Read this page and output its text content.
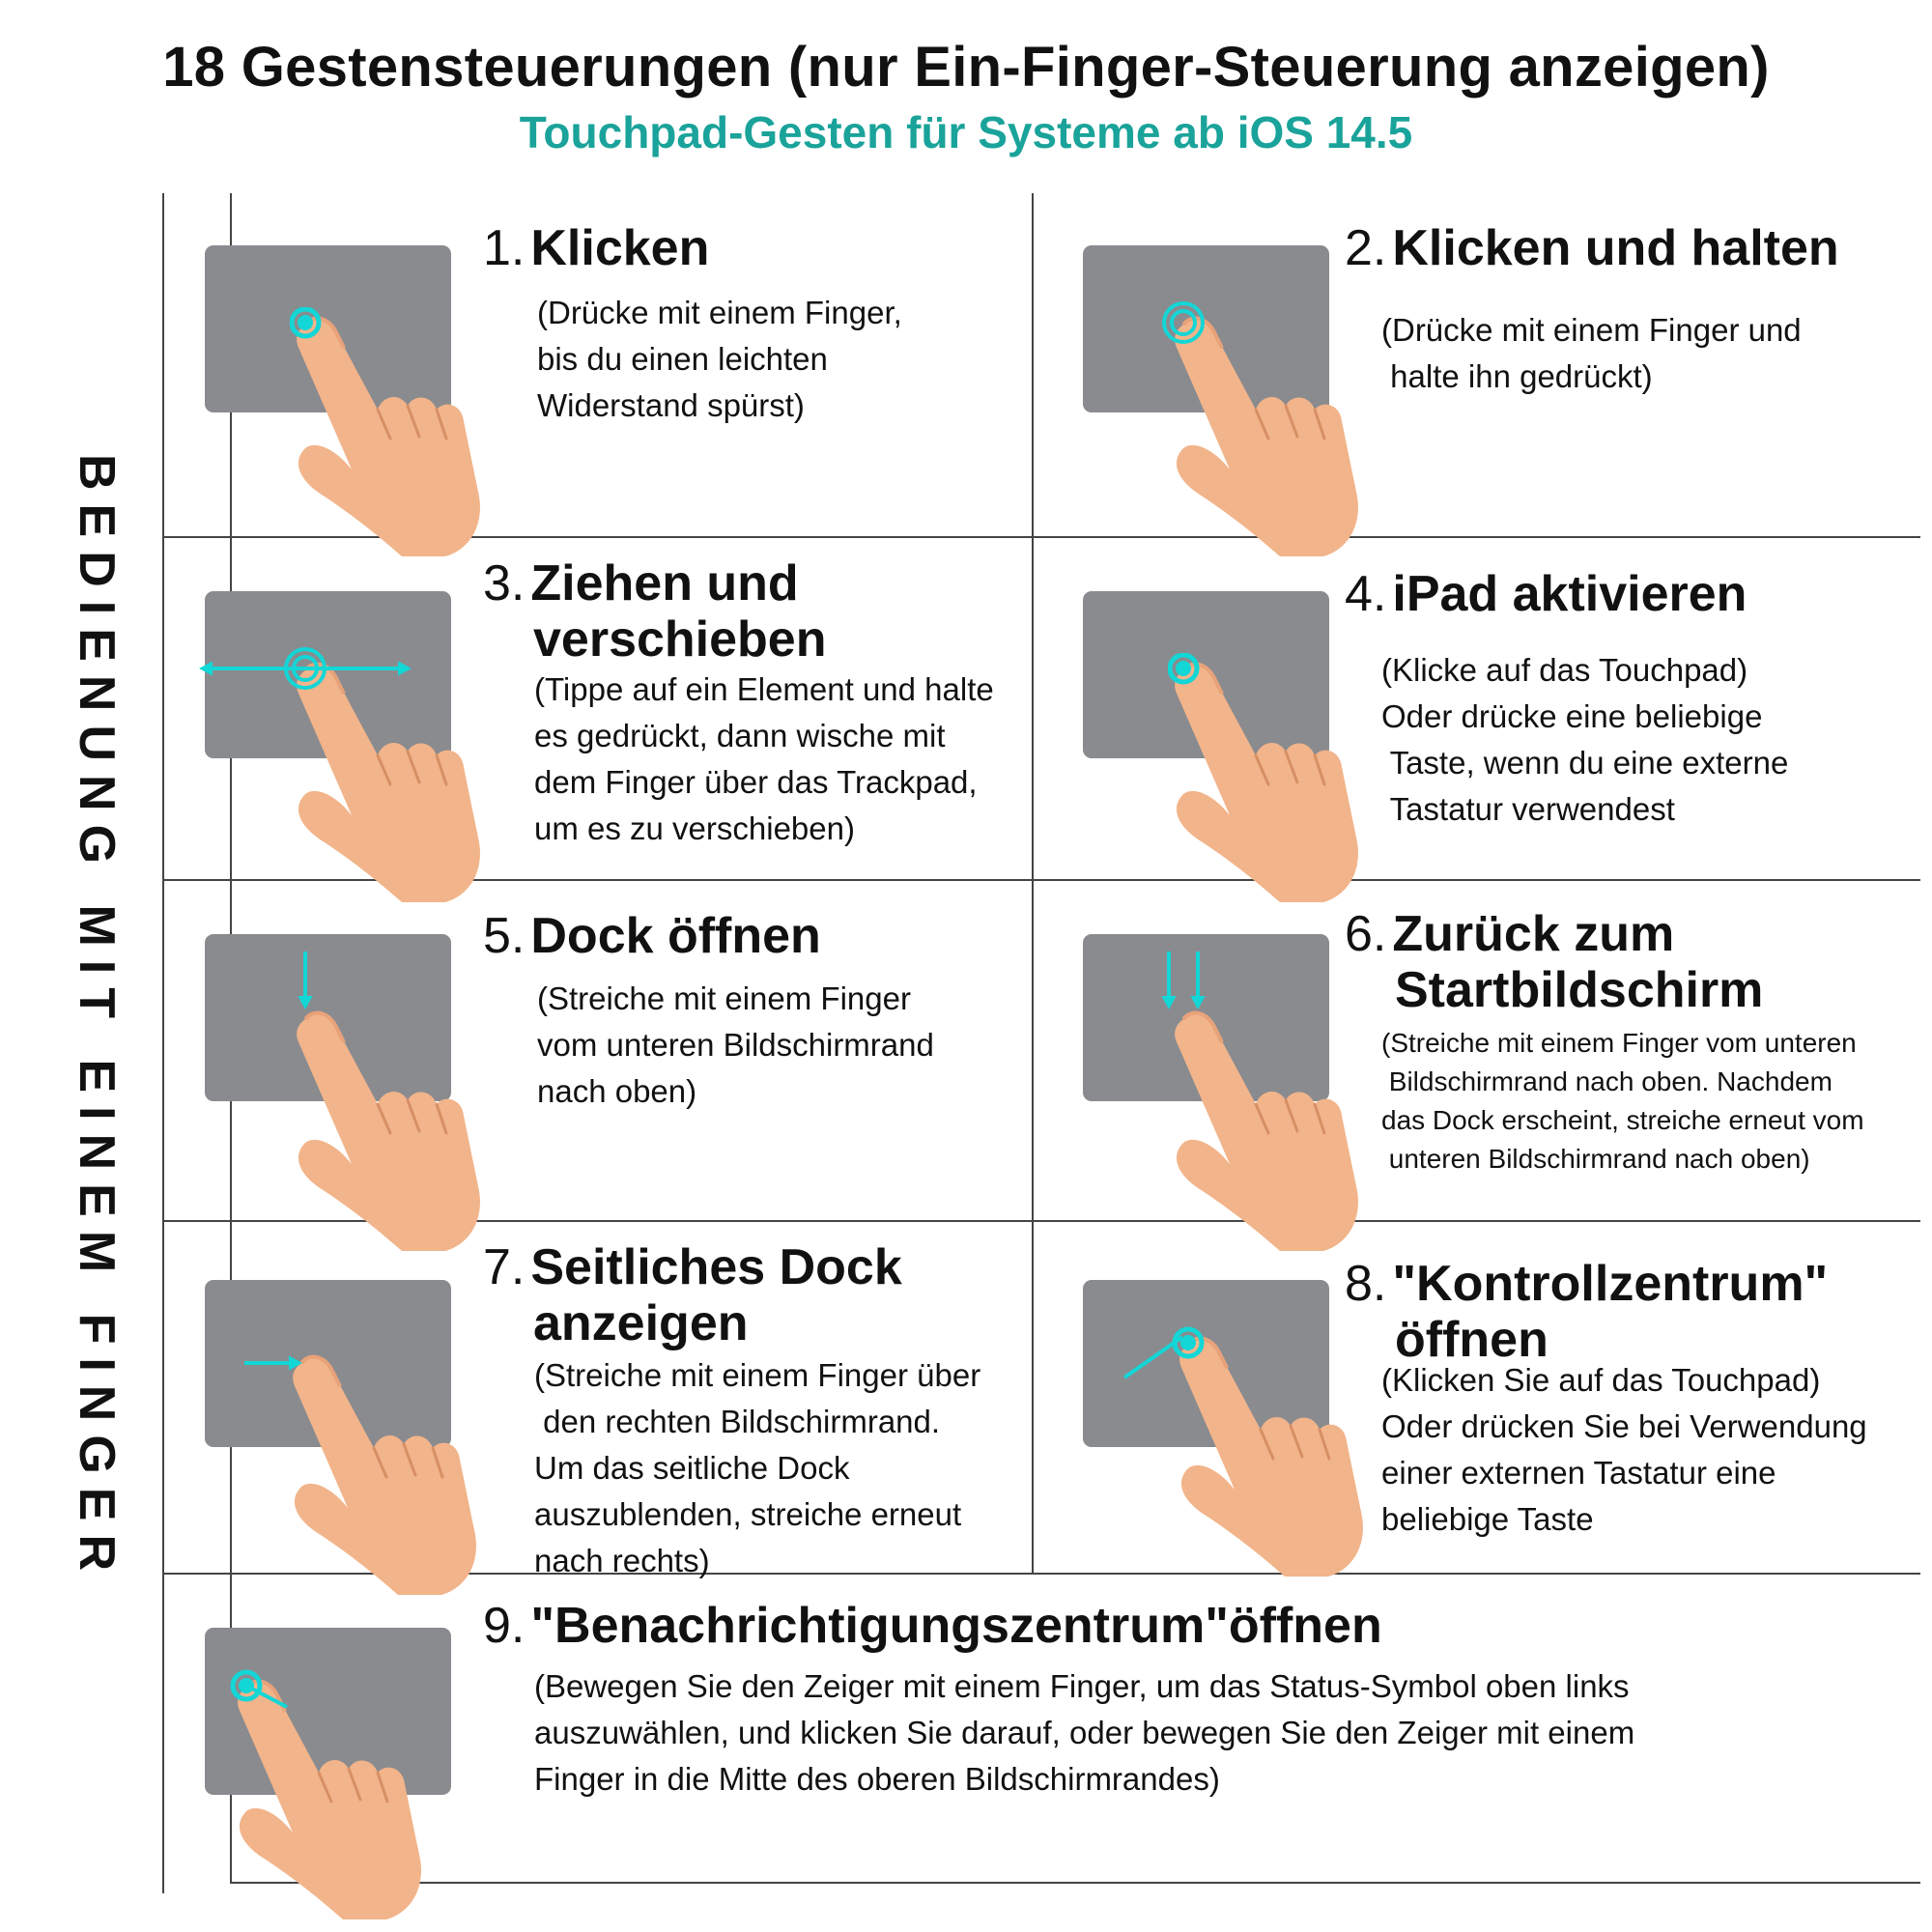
18 Gestensteuerungen (nur Ein-Finger-Steuerung anzeigen)
Touchpad-Gesten für Systeme ab iOS 14.5
BEDIENUNG MIT EINEM FINGER
1. Klicken
(Drücke mit einem Finger,
bis du einen leichten
Widerstand spürst)
2. Klicken und halten
(Drücke mit einem Finger und
halte ihn gedrückt)
3. Ziehen und
verschieben
(Tippe auf ein Element und halte
es gedrückt, dann wische mit
dem Finger über das Trackpad,
um es zu verschieben)
4. iPad aktivieren
(Klicke auf das Touchpad)
Oder drücke eine beliebige
Taste, wenn du eine externe
Tastatur verwendest
5. Dock öffnen
(Streiche mit einem Finger
vom unteren Bildschirmrand
nach oben)
6. Zurück zum
Startbildschirm
(Streiche mit einem Finger vom unteren
Bildschirmrand nach oben. Nachdem
das Dock erscheint, streiche erneut vom
unteren Bildschirmrand nach oben)
7. Seitliches Dock
anzeigen
(Streiche mit einem Finger über
den rechten Bildschirmrand.
Um das seitliche Dock
auszublenden, streiche erneut
nach rechts)
8. "Kontrollzentrum"
öffnen
(Klicken Sie auf das Touchpad)
Oder drücken Sie bei Verwendung
einer externen Tastatur eine
beliebige Taste
9. "Benachrichtigungszentrum"öffnen
(Bewegen Sie den Zeiger mit einem Finger, um das Status-Symbol oben links
auszuwählen, und klicken Sie darauf, oder bewegen Sie den Zeiger mit einem
Finger in die Mitte des oberen Bildschirmrandes)
